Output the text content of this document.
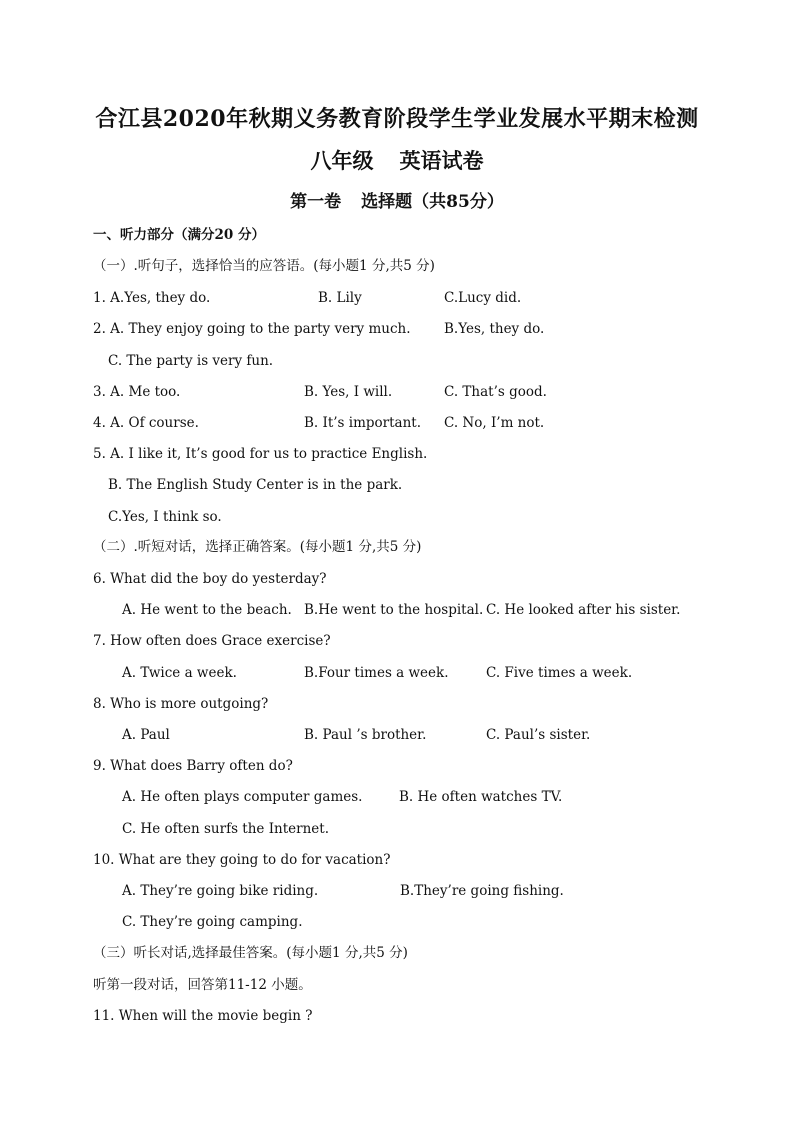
合江县2020年秋期义务教育阶段学生学业发展水平期末检测
八年级 英语试卷
第一卷 选择题（共85分）
一、听力部分（满分20 分）
（一）.听句子，选择恰当的应答语。(每小题1 分,共5 分)
1. A.Yes, they do.	B. Lily	C.Lucy did.
2. A. They enjoy going to the party very much. B.Yes, they do.
C. The party is very fun.
3. A. Me too.	B. Yes, I will.	C. That’s good.
4. A. Of course.	B. It’s important. C. No, I’m not.
5. A. I like it, It’s good for us to practice English.
B. The English Study Center is in the park.
C.Yes, I think so.
（二）.听短对话，选择正确答案。(每小题1 分,共5 分)
6. What did the boy do yesterday?
A. He went to the beach. B.He went to the hospital. C. He looked after his sister.
7. How often does Grace exercise?
A. Twice a week.	B.Four times a week.	C. Five times a week.
8. Who is more outgoing?
A. Paul	B. Paul ’s brother.	C. Paul’s sister.
9. What does Barry often do?
A. He often plays computer games.	B. He often watches TV.
C. He often surfs the Internet.
10. What are they going to do for vacation?
A. They’re going bike riding.	B.They’re going fishing.
C. They’re going camping.
（三）听长对话,选择最佳答案。(每小题1 分,共5 分)
听第一段对话，回答第11-12 小题。
11. When will the movie begin ?
